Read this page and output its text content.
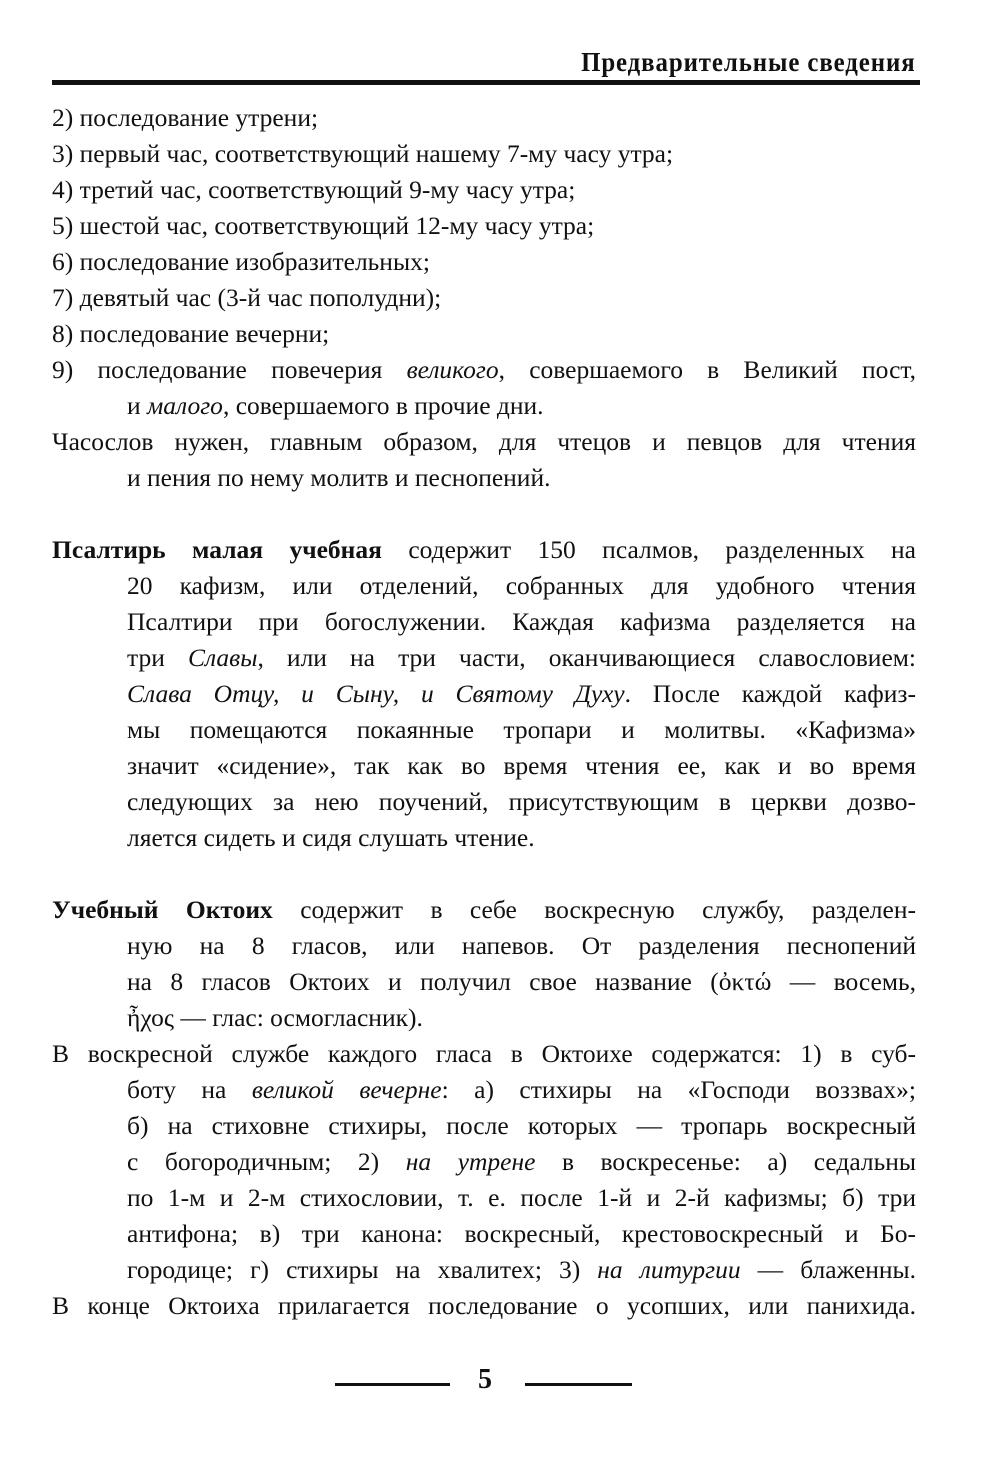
Предварительные сведения
2) последование утрени;
3) первый час, соответствующий нашему 7-му часу утра;
4) третий час, соответствующий 9-му часу утра;
5) шестой час, соответствующий 12-му часу утра;
6) последование изобразительных;
7) девятый час (3-й час пополудни);
8) последование вечерни;
9) последование повечерия великого, совершаемого в Великий пост,
и малого, совершаемого в прочие дни.
Часослов нужен, главным образом, для чтецов и певцов для чтения
и пения по нему молитв и песнопений.
Псалтирь малая учебная содержит 150 псалмов, разделенных на
20 кафизм, или отделений, собранных для удобного чтения
Псалтири при богослужении. Каждая кафизма разделяется на
три Славы, или на три части, оканчивающиеся славословием:
Слава Отцу, и Сыну, и Святому Духу. После каждой кафиз-
мы помещаются покаянные тропари и молитвы. «Кафизма»
значит «сидение», так как во время чтения ее, как и во время
следующих за нею поучений, присутствующим в церкви дозво-
ляется сидеть и сидя слушать чтение.
Учебный Октоих содержит в себе воскресную службу, разделен-
ную на 8 гласов, или напевов. От разделения песнопений
на 8 гласов Октоих и получил свое название (ὀκτώ — восемь,
ἦχος — глас: осмогласник).
В воскресной службе каждого гласа в Октоихе содержатся: 1) в суб-
боту на великой вечерне: а) стихиры на «Господи воззвах»;
б) на стиховне стихиры, после которых — тропарь воскресный
с богородичным; 2) на утрене в воскресенье: а) седальны
по 1-м и 2-м стихословии, т. е. после 1-й и 2-й кафизмы; б) три
антифона; в) три канона: воскресный, крестовоскресный и Бо-
городице; г) стихиры на хвалитех; 3) на литургии — блаженны.
В конце Октоиха прилагается последование о усопших, или панихида.
5
